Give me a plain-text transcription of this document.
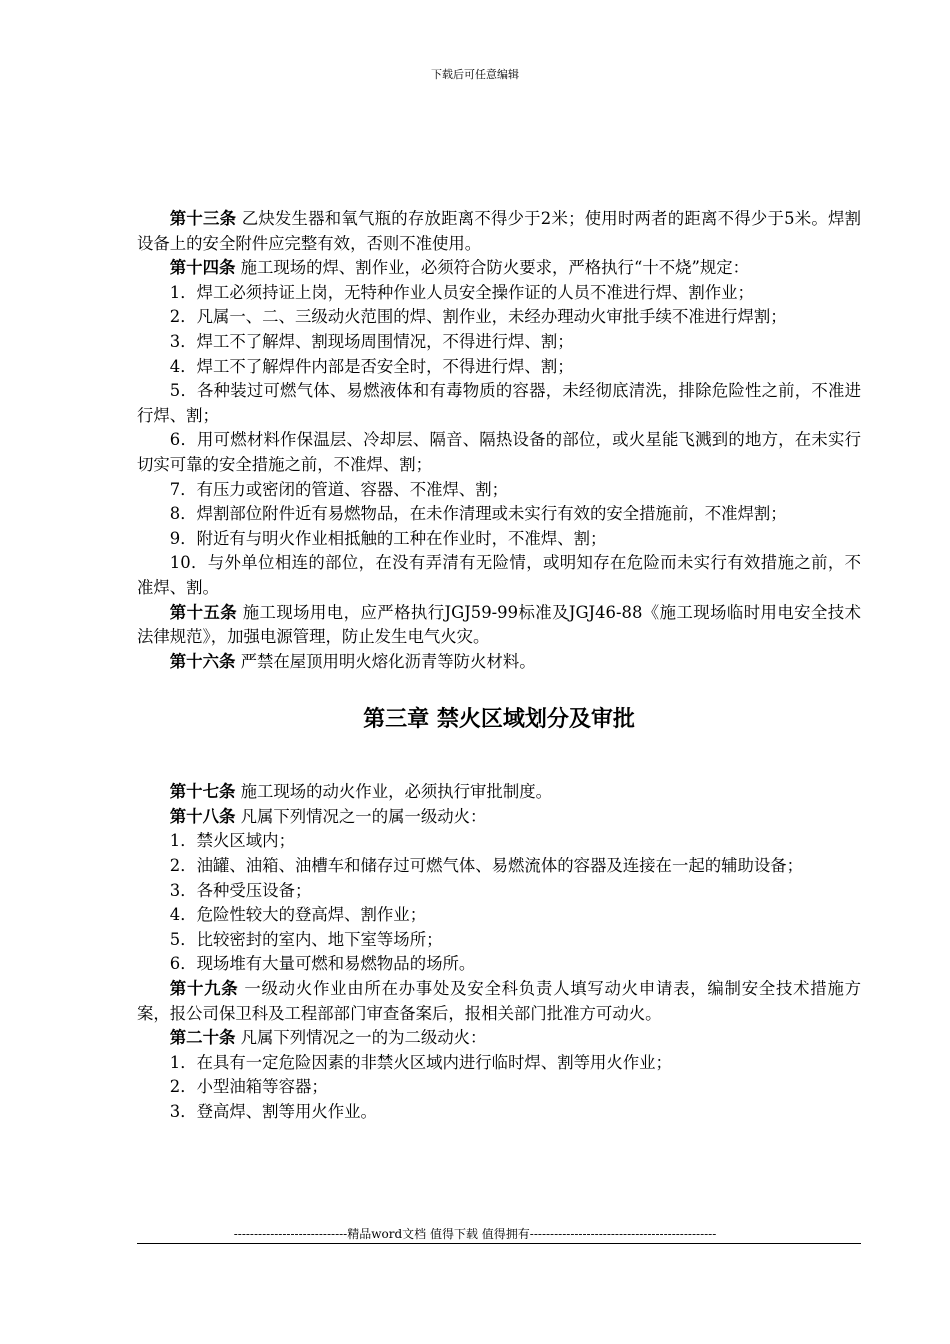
下载后可任意编辑

第十三条 乙炔发生器和氧气瓶的存放距离不得少于2米；使用时两者的距离不得少于5米。焊割设备上的安全附件应完整有效，否则不准使用。

第十四条 施工现场的焊、割作业，必须符合防火要求，严格执行“十不烧”规定：

1．焊工必须持证上岗，无特种作业人员安全操作证的人员不准进行焊、割作业；

2．凡属一、二、三级动火范围的焊、割作业，未经办理动火审批手续不准进行焊割；

3．焊工不了解焊、割现场周围情况，不得进行焊、割；

4．焊工不了解焊件内部是否安全时，不得进行焊、割；

5．各种装过可燃气体、易燃液体和有毒物质的容器，未经彻底清洗，排除危险性之前，不准进行焊、割；

6．用可燃材料作保温层、冷却层、隔音、隔热设备的部位，或火星能飞溅到的地方，在未实行切实可靠的安全措施之前，不准焊、割；

7．有压力或密闭的管道、容器、不准焊、割；

8．焊割部位附件近有易燃物品，在未作清理或未实行有效的安全措施前，不准焊割；

9．附近有与明火作业相抵触的工种在作业时，不准焊、割；

10．与外单位相连的部位，在没有弄清有无险情，或明知存在危险而未实行有效措施之前，不准焊、割。

第十五条 施工现场用电，应严格执行JGJ59-99标准及JGJ46-88《施工现场临时用电安全技术法律规范》，加强电源管理，防止发生电气火灾。

第十六条 严禁在屋顶用明火熔化沥青等防火材料。

第三章 禁火区域划分及审批

第十七条 施工现场的动火作业，必须执行审批制度。

第十八条 凡属下列情况之一的属一级动火：

1．禁火区域内；

2．油罐、油箱、油槽车和储存过可燃气体、易燃流体的容器及连接在一起的辅助设备；

3．各种受压设备；

4．危险性较大的登高焊、割作业；

5．比较密封的室内、地下室等场所；

6．现场堆有大量可燃和易燃物品的场所。

第十九条 一级动火作业由所在办事处及安全科负责人填写动火申请表，编制安全技术措施方案，报公司保卫科及工程部部门审查备案后，报相关部门批准方可动火。

第二十条 凡属下列情况之一的为二级动火：

1．在具有一定危险因素的非禁火区域内进行临时焊、割等用火作业；

2．小型油箱等容器；

3．登高焊、割等用火作业。

----------------------------精品word文档 值得下载 值得拥有----------------------------------------------
